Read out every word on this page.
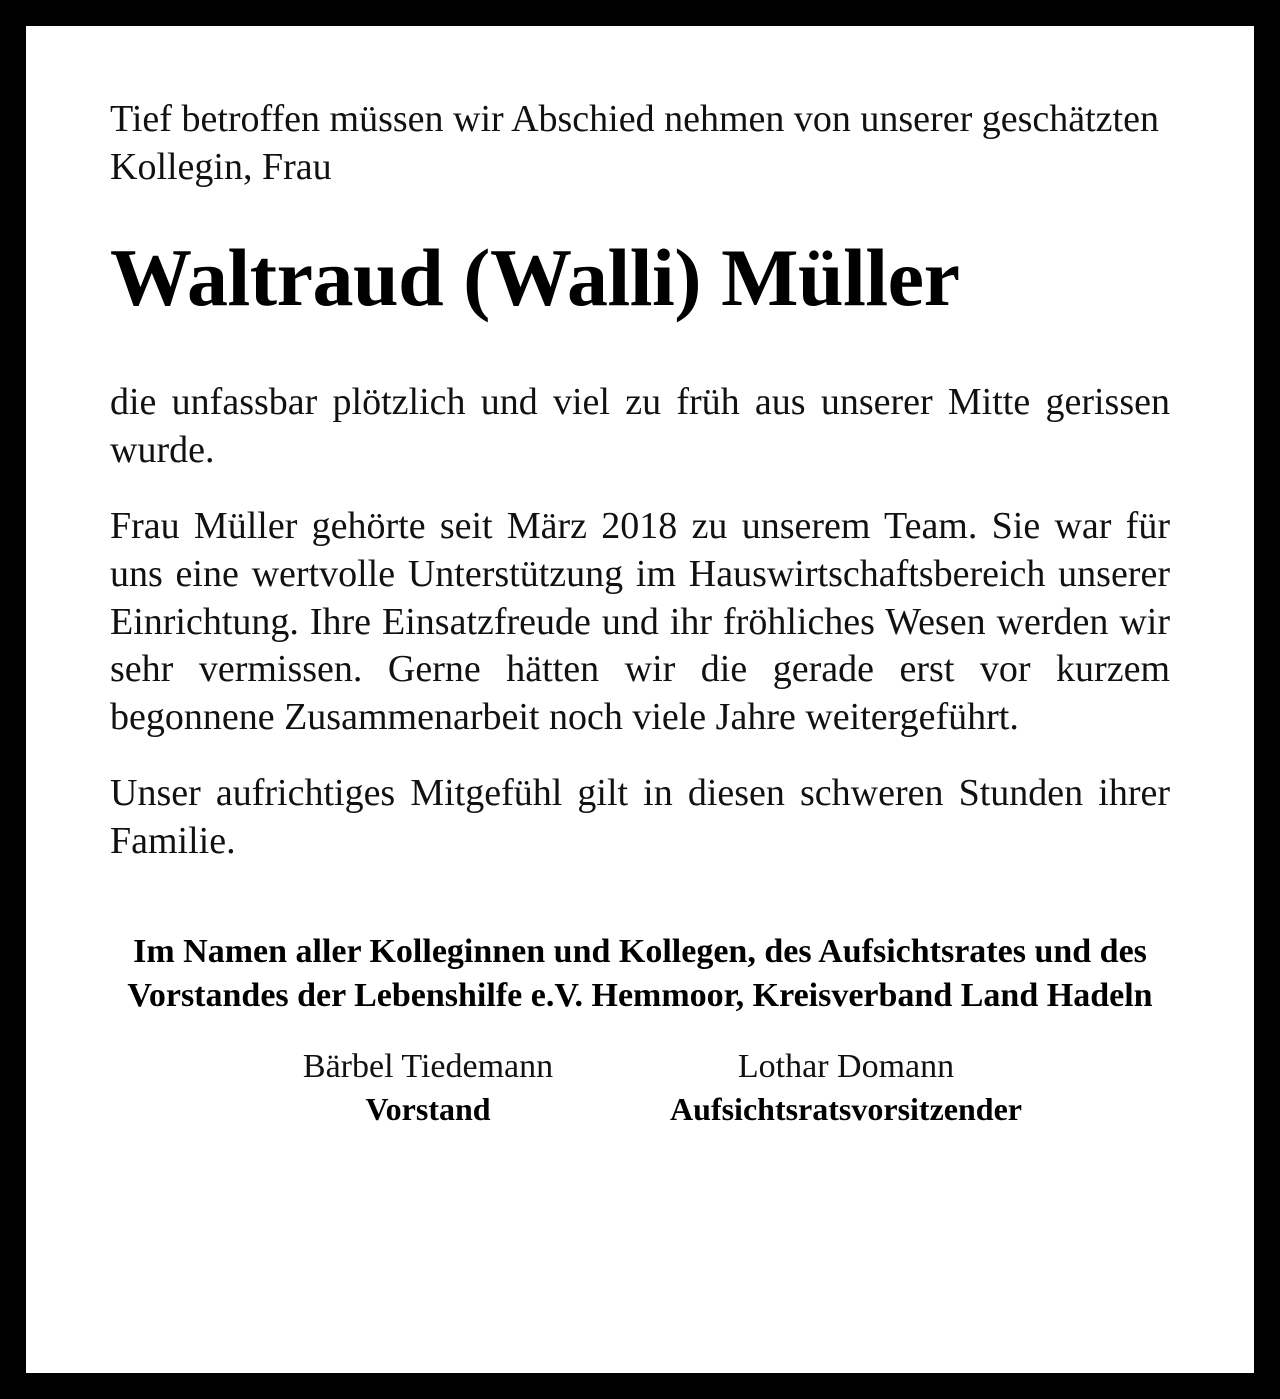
Tief betroffen müssen wir Abschied nehmen von unserer geschätzten Kollegin, Frau

Waltraud (Walli) Müller

die unfassbar plötzlich und viel zu früh aus unserer Mitte gerissen wurde.

Frau Müller gehörte seit März 2018 zu unserem Team. Sie war für uns eine wertvolle Unterstützung im Hauswirtschaftsbereich unserer Einrichtung. Ihre Einsatzfreude und ihr fröhliches Wesen werden wir sehr vermissen. Gerne hätten wir die gerade erst vor kurzem begonnene Zusammenarbeit noch viele Jahre weitergeführt.

Unser aufrichtiges Mitgefühl gilt in diesen schweren Stunden ihrer Familie.

Im Namen aller Kolleginnen und Kollegen, des Aufsichtsrates und des Vorstandes der Lebenshilfe e.V. Hemmoor, Kreisverband Land Hadeln
Bärbel Tiedemann
Vorstand
Lothar Domann
Aufsichtsratsvorsitzender
